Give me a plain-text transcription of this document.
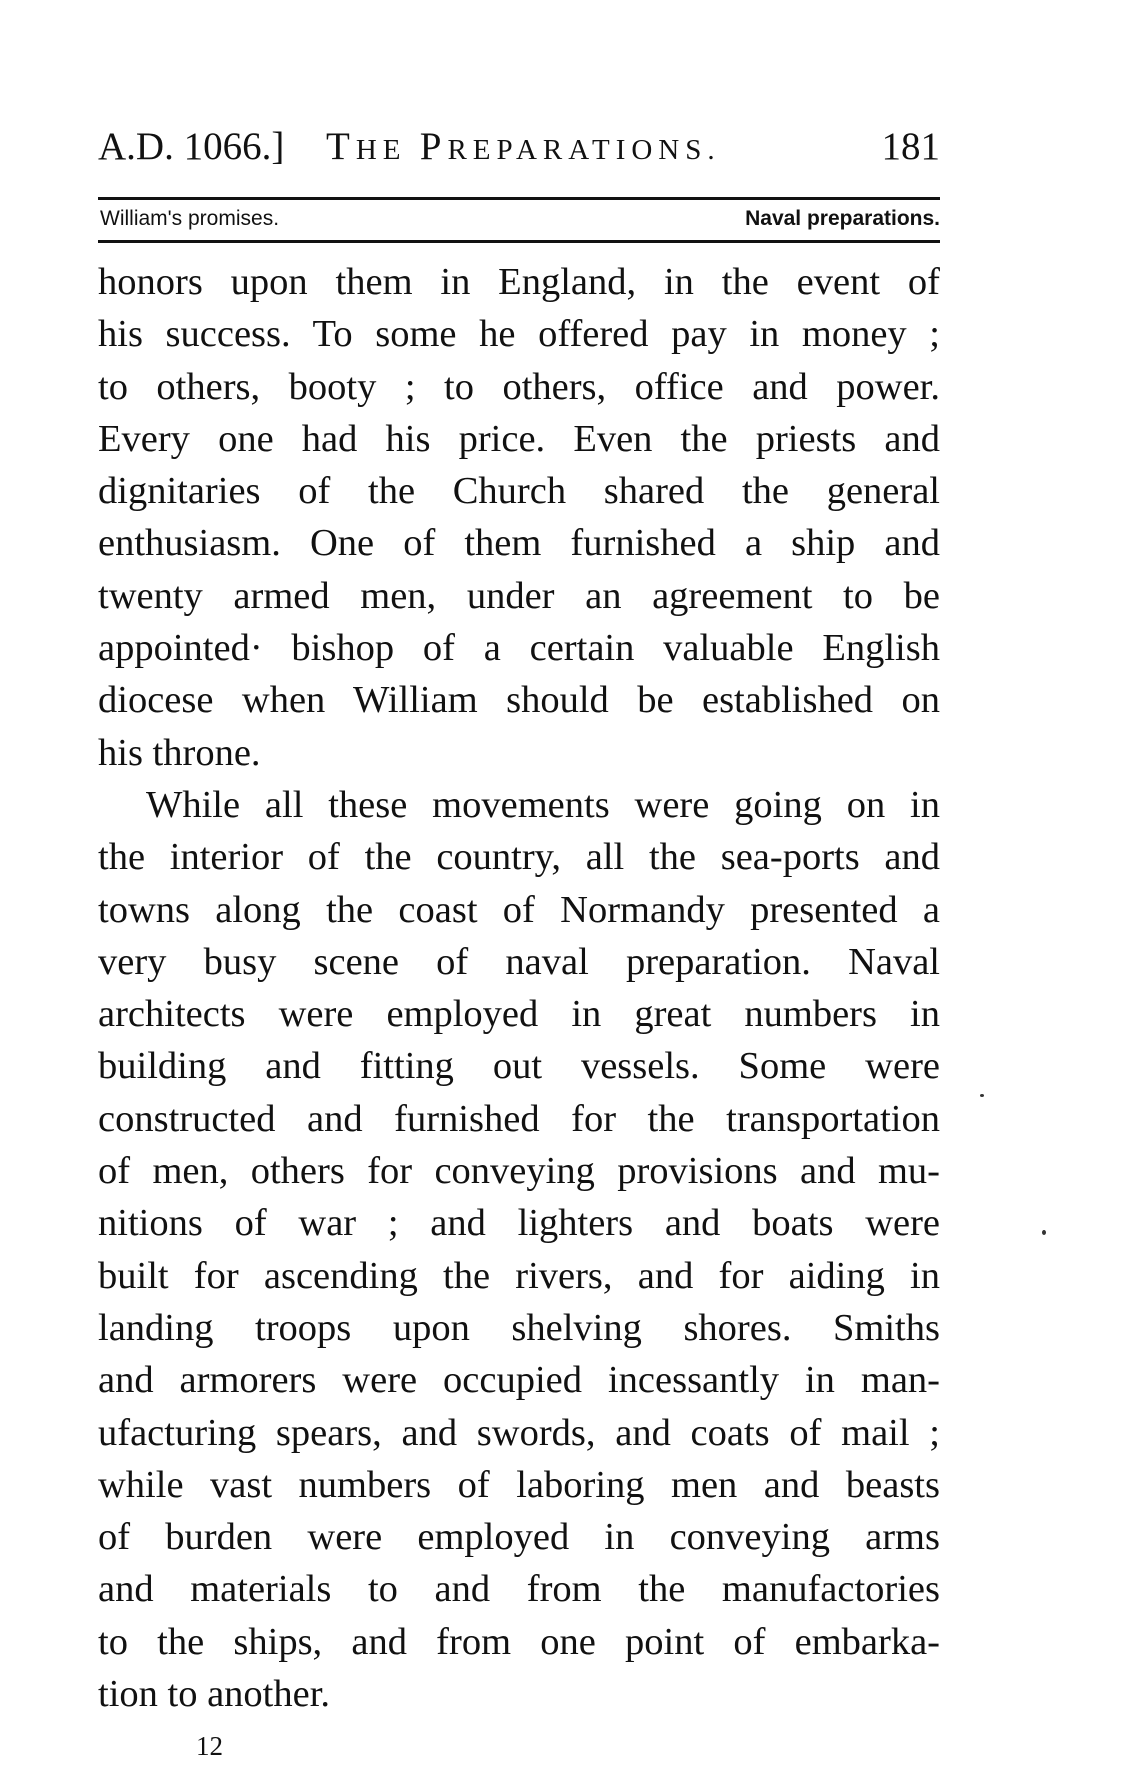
A.D. 1066.] THE PREPARATIONS.	181
William's promises.	Naval preparations.
honors upon them in England, in the event of
his success. To some he offered pay in money ;
to others, booty ; to others, office and power.
Every one had his price. Even the priests and
dignitaries of the Church shared the general
enthusiasm. One of them furnished a ship and
twenty armed men, under an agreement to be
appointed· bishop of a certain valuable English
diocese when William should be established on
his throne.
While all these movements were going on in
the interior of the country, all the sea-ports and
towns along the coast of Normandy presented a
very busy scene of naval preparation. Naval
architects were employed in great numbers in
building and fitting out vessels. Some were
constructed and furnished for the transportation
of men, others for conveying provisions and mu-
nitions of war ; and lighters and boats were
built for ascending the rivers, and for aiding in
landing troops upon shelving shores. Smiths
and armorers were occupied incessantly in man-
ufacturing spears, and swords, and coats of mail ;
while vast numbers of laboring men and beasts
of burden were employed in conveying arms
and materials to and from the manufactories
to the ships, and from one point of embarka-
tion to another.
12
